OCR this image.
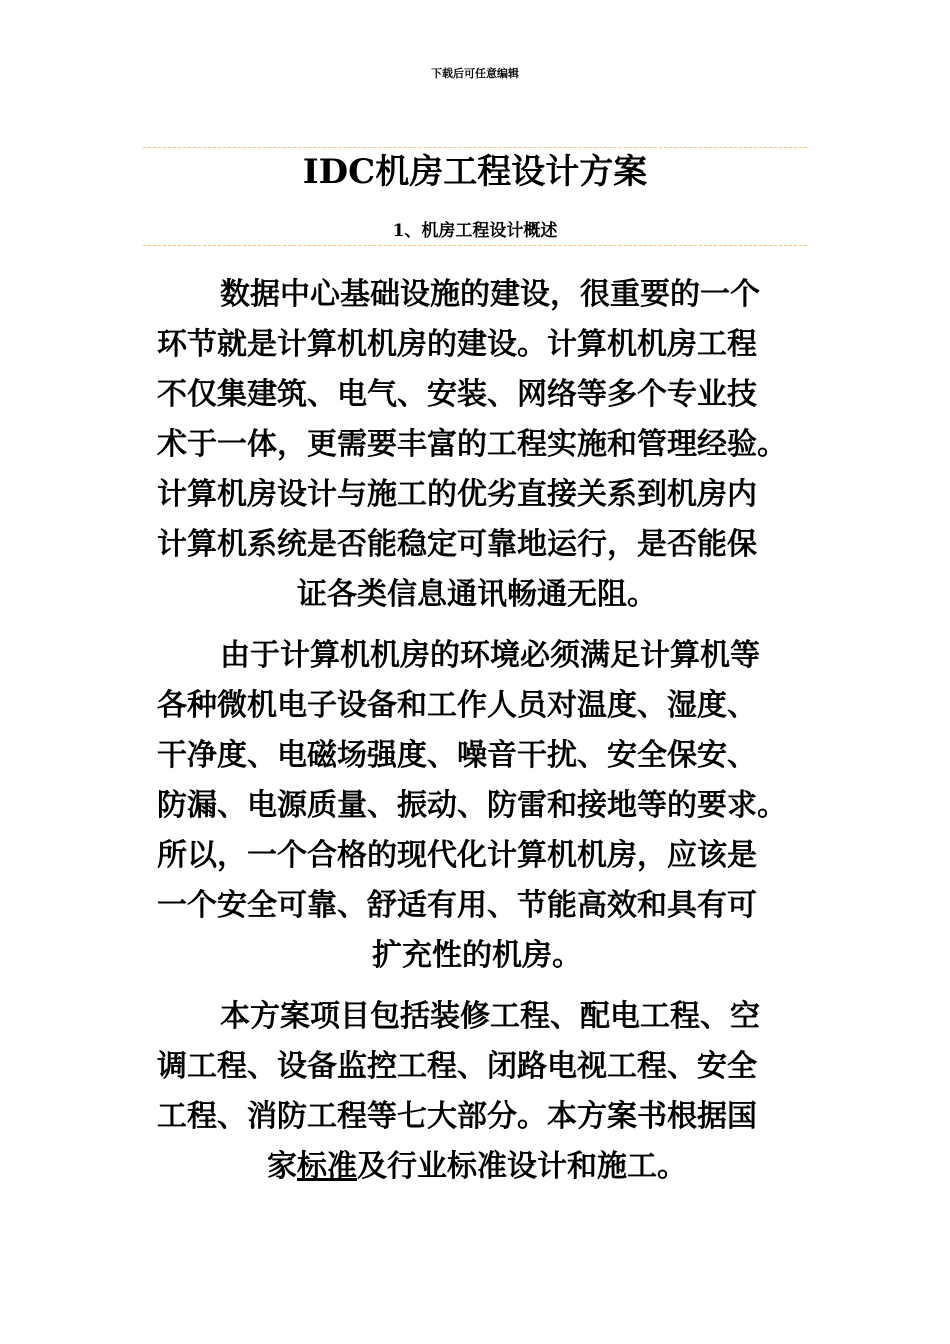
下载后可任意编辑
IDC机房工程设计方案
1、机房工程设计概述
数据中心基础设施的建设，很重要的一个
环节就是计算机机房的建设。计算机机房工程
不仅集建筑、电气、安装、网络等多个专业技
术于一体，更需要丰富的工程实施和管理经验。
计算机房设计与施工的优劣直接关系到机房内
计算机系统是否能稳定可靠地运行，是否能保
证各类信息通讯畅通无阻。
由于计算机机房的环境必须满足计算机等
各种微机电子设备和工作人员对温度、湿度、
干净度、电磁场强度、噪音干扰、安全保安、
防漏、电源质量、振动、防雷和接地等的要求。
所以，一个合格的现代化计算机机房，应该是
一个安全可靠、舒适有用、节能高效和具有可
扩充性的机房。
本方案项目包括装修工程、配电工程、空
调工程、设备监控工程、闭路电视工程、安全
工程、消防工程等七大部分。本方案书根据国
家标准及行业标准设计和施工。
